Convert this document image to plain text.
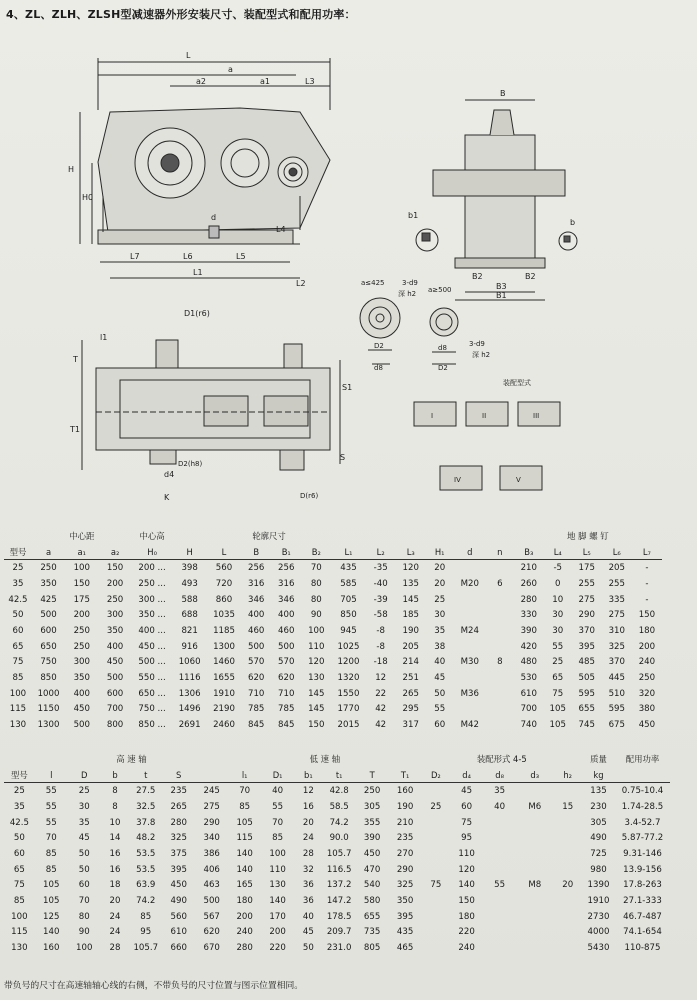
4、ZL、ZLH、ZLSH型减速器外形安装尺寸、装配型式和配用功率：
L
a
a2	a1	L3
H
H0
d
L4
L7	L6	L5
L1
L2
B
b1
b
B2	B2
B3
B1
a≤425 3-d9
深 h2 a≥500
3-d9
深 h2
D2
d8
d8
D2
D1(r6)
l1
T
T1
S1
S
D2(h8)
d4
K	D(r6)
装配型式
I	II	III
IV	V
	中心距			中心高	轮廓尺寸											地 脚 螺 钉				
型号	a	a₁	a₂	H₀	H	L	B	B₁	B₂	L₁	L₂	L₃	H₁	d	n	B₃	L₄	L₅	L₆	L₇
25	250	100	150	200 ...	398	560	256	256	70	435	-35	120	20			210	-5	175	205	-
35	350	150	200	250 ...	493	720	316	316	80	585	-40	135	20	M20	6	260	0	255	255	-
42.5	425	175	250	300 ...	588	860	346	346	80	705	-39	145	25			280	10	275	335	-
50	500	200	300	350 ...	688	1035	400	400	90	850	-58	185	30			330	30	290	275	150
60	600	250	350	400 ...	821	1185	460	460	100	945	-8	190	35	M24		390	30	370	310	180
65	650	250	400	450 ...	916	1300	500	500	110	1025	-8	205	38			420	55	395	325	200
75	750	300	450	500 ...	1060	1460	570	570	120	1200	-18	214	40	M30	8	480	25	485	370	240
85	850	350	500	550 ...	1116	1655	620	620	130	1320	12	251	45			530	65	505	445	250
100	1000	400	600	650 ...	1306	1910	710	710	145	1550	22	265	50	M36		610	75	595	510	320
115	1150	450	700	750 ...	1496	2190	785	785	145	1770	42	295	55			700	105	655	595	380
130	1300	500	800	850 ...	2691	2460	845	845	150	2015	42	317	60	M42		740	105	745	675	450
	高 速 轴						低 速 轴						装配形式 4-5					质量	配用功率
型号	l	D	b	t	S		l₁	D₁	b₁	t₁	T	T₁	D₂	d₄	d₈	d₃	h₂	kg	
25	55	25	8	27.5	235	245	70	40	12	42.8	250	160		45	35			135	0.75-10.4
35	55	30	8	32.5	265	275	85	55	16	58.5	305	190	25	60	40	M6	15	230	1.74-28.5
42.5	55	35	10	37.8	280	290	105	70	20	74.2	355	210		75				305	3.4-52.7
50	70	45	14	48.2	325	340	115	85	24	90.0	390	235		95				490	5.87-77.2
60	85	50	16	53.5	375	386	140	100	28	105.7	450	270		110				725	9.31-146
65	85	50	16	53.5	395	406	140	110	32	116.5	470	290		120				980	13.9-156
75	105	60	18	63.9	450	463	165	130	36	137.2	540	325	75	140	55	M8	20	1390	17.8-263
85	105	70	20	74.2	490	500	180	140	36	147.2	580	350		150				1910	27.1-333
100	125	80	24	85	560	567	200	170	40	178.5	655	395		180				2730	46.7-487
115	140	90	24	95	610	620	240	200	45	209.7	735	435		220				4000	74.1-654
130	160	100	28	105.7	660	670	280	220	50	231.0	805	465		240				5430	110-875
带负号的尺寸在高速轴轴心线的右侧，不带负号的尺寸位置与图示位置相同。
